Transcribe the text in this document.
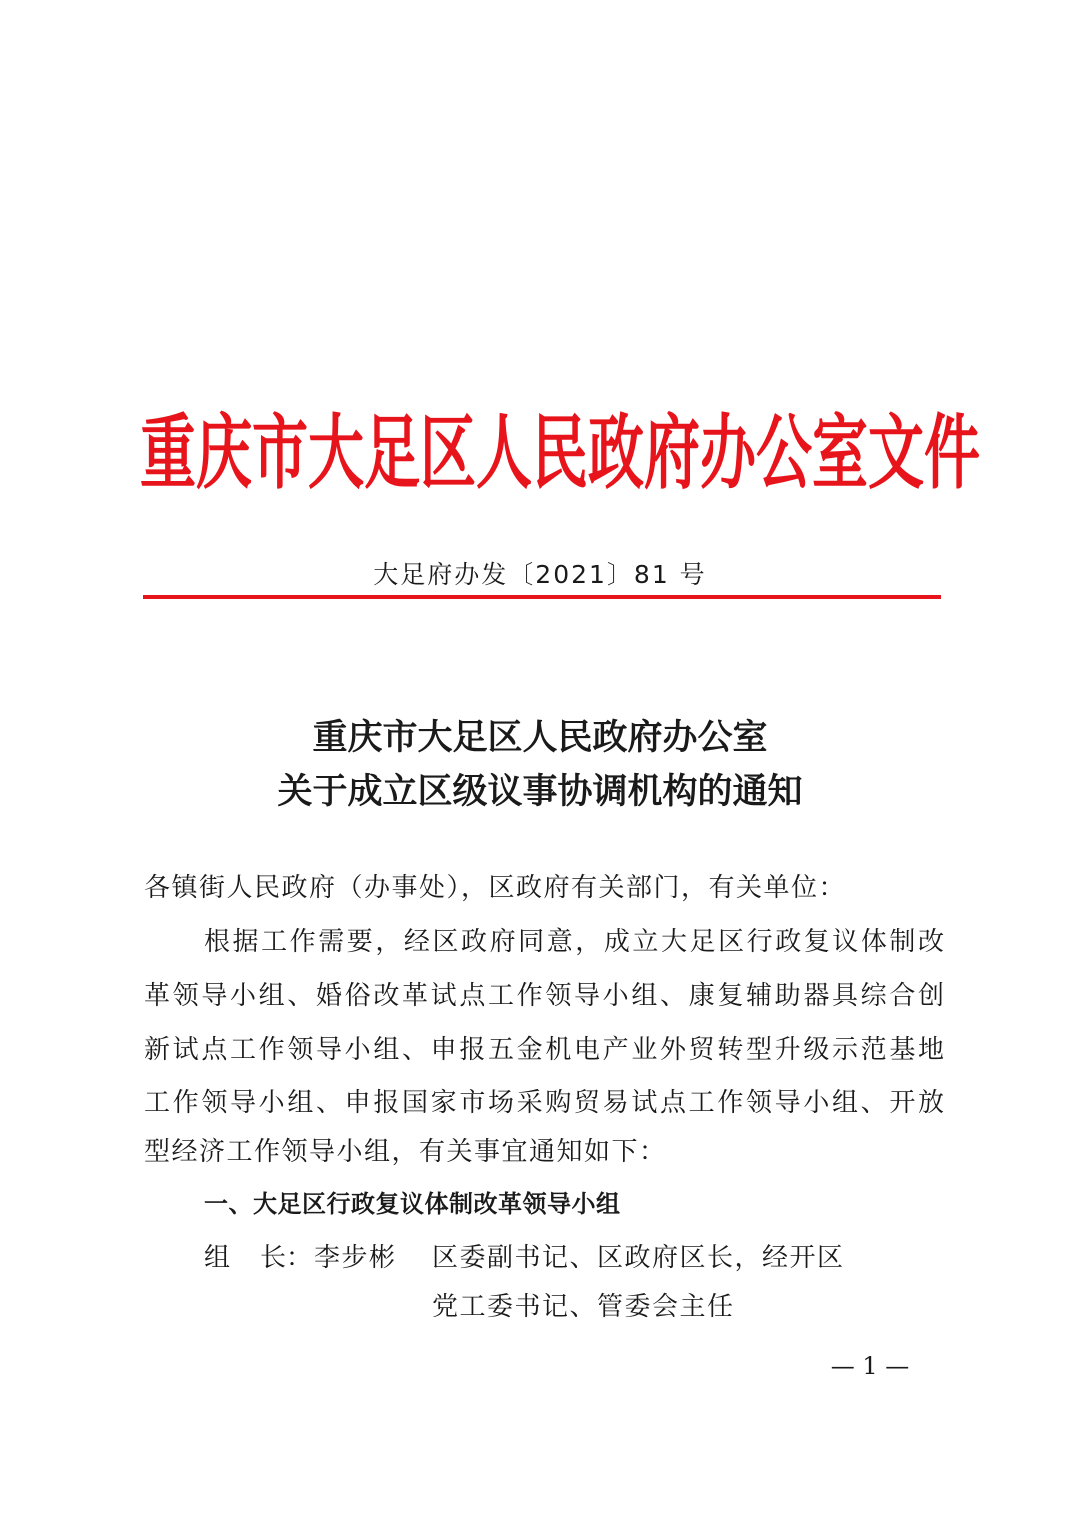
重庆市大足区人民政府办公室文件
大足府办发〔2021〕81 号
重庆市大足区人民政府办公室
关于成立区级议事协调机构的通知
各镇街人民政府（办事处），区政府有关部门，有关单位：
根据工作需要，经区政府同意，成立大足区行政复议体制改
革领导小组、婚俗改革试点工作领导小组、康复辅助器具综合创
新试点工作领导小组、申报五金机电产业外贸转型升级示范基地
工作领导小组、申报国家市场采购贸易试点工作领导小组、开放
型经济工作领导小组，有关事宜通知如下：
一、大足区行政复议体制改革领导小组
组 长： 李步彬 区委副书记、区政府区长，经开区
党工委书记、管委会主任
— 1 —
